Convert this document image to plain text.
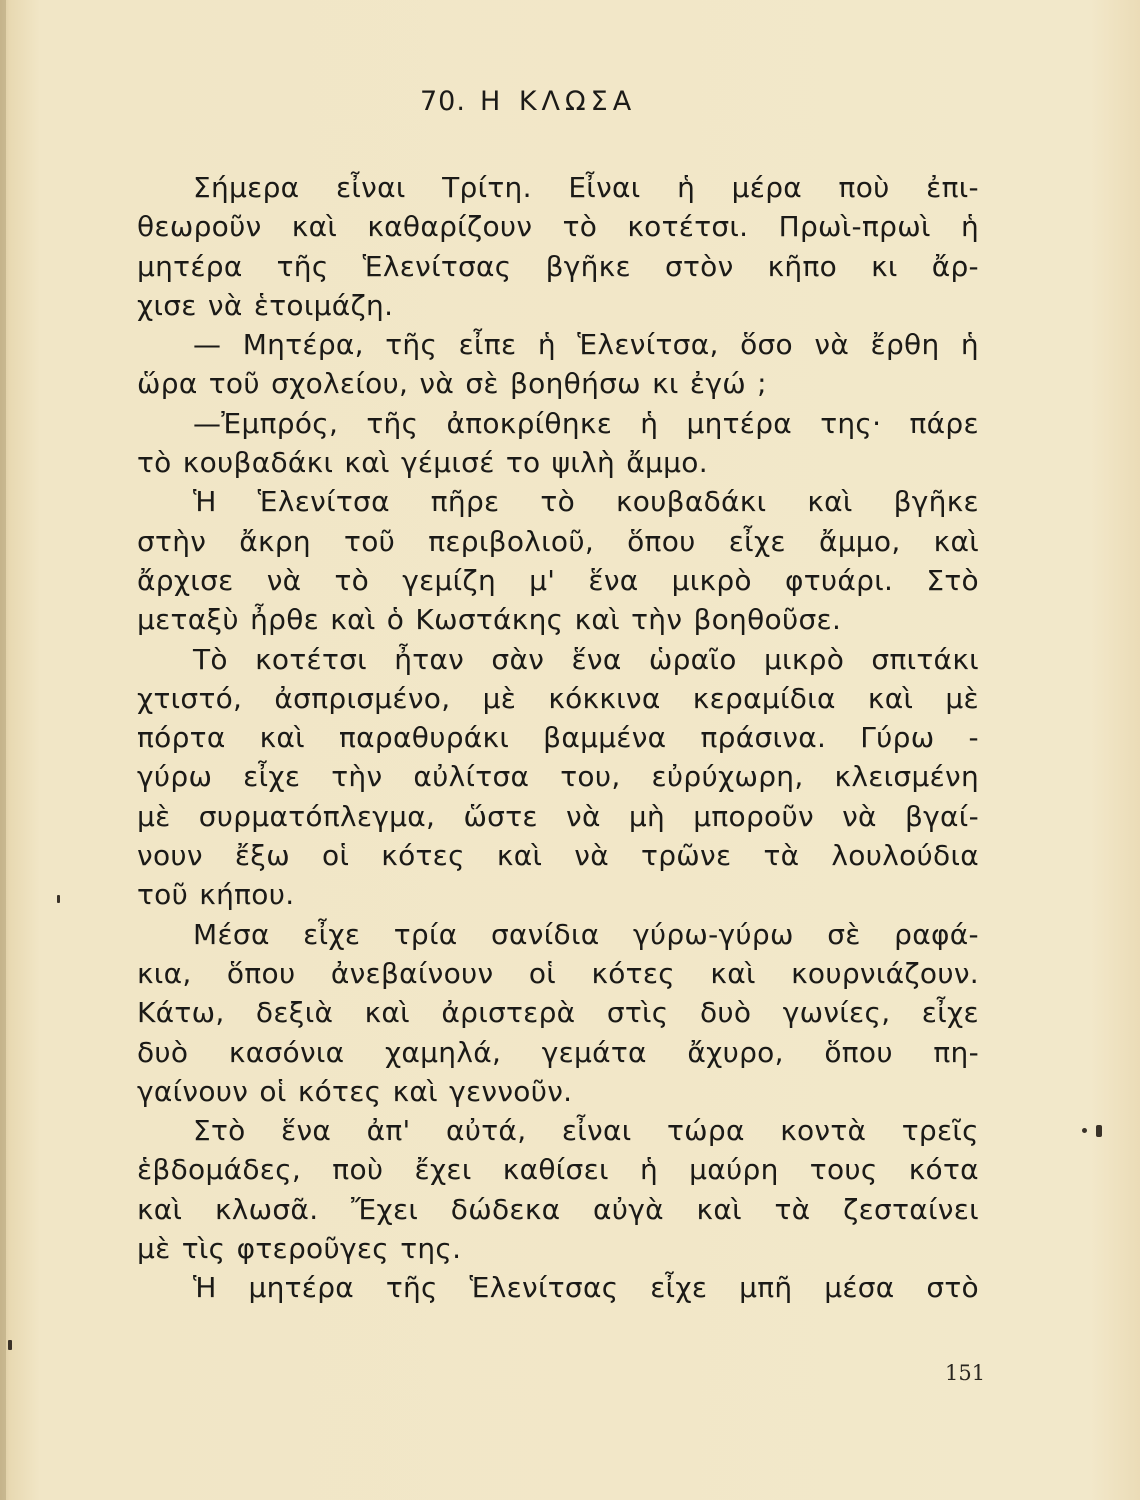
70. Η ΚΛΩΣΑ
Σήμερα εἶναι Τρίτη. Εἶναι ἡ μέρα ποὺ ἐπι-
θεωροῦν καὶ καθαρίζουν τὸ κοτέτσι. Πρωὶ-πρωὶ ἡ
μητέρα τῆς Ἑλενίτσας βγῆκε στὸν κῆπο κι ἄρ-
χισε νὰ ἑτοιμάζη.
— Μητέρα, τῆς εἶπε ἡ Ἑλενίτσα, ὅσο νὰ ἔρθη ἡ
ὥρα τοῦ σχολείου, νὰ σὲ βοηθήσω κι ἐγώ ;
—Ἐμπρός, τῆς ἀποκρίθηκε ἡ μητέρα της· πάρε
τὸ κουβαδάκι καὶ γέμισέ το ψιλὴ ἄμμο.
Ἡ Ἑλενίτσα πῆρε τὸ κουβαδάκι καὶ βγῆκε
στὴν ἄκρη τοῦ περιβολιοῦ, ὅπου εἶχε ἄμμο, καὶ
ἄρχισε νὰ τὸ γεμίζη μ' ἕνα μικρὸ φτυάρι. Στὸ
μεταξὺ ἦρθε καὶ ὁ Κωστάκης καὶ τὴν βοηθοῦσε.
Τὸ κοτέτσι ἦταν σὰν ἕνα ὡραῖο μικρὸ σπιτάκι
χτιστό, ἀσπρισμένο, μὲ κόκκινα κεραμίδια καὶ μὲ
πόρτα καὶ παραθυράκι βαμμένα πράσινα. Γύρω -
γύρω εἶχε τὴν αὐλίτσα του, εὐρύχωρη, κλεισμένη
μὲ συρματόπλεγμα, ὥστε νὰ μὴ μποροῦν νὰ βγαί-
νουν ἔξω οἱ κότες καὶ νὰ τρῶνε τὰ λουλούδια
τοῦ κήπου.
Μέσα εἶχε τρία σανίδια γύρω-γύρω σὲ ραφά-
κια, ὅπου ἀνεβαίνουν οἱ κότες καὶ κουρνιάζουν.
Κάτω, δεξιὰ καὶ ἀριστερὰ στὶς δυὸ γωνίες, εἶχε
δυὸ κασόνια χαμηλά, γεμάτα ἄχυρο, ὅπου πη-
γαίνουν οἱ κότες καὶ γεννοῦν.
Στὸ ἕνα ἀπ' αὐτά, εἶναι τώρα κοντὰ τρεῖς
ἑβδομάδες, ποὺ ἔχει καθίσει ἡ μαύρη τους κότα
καὶ κλωσᾶ. Ἔχει δώδεκα αὐγὰ καὶ τὰ ζεσταίνει
μὲ τὶς φτεροῦγες της.
Ἡ μητέρα τῆς Ἑλενίτσας εἶχε μπῆ μέσα στὸ
151
